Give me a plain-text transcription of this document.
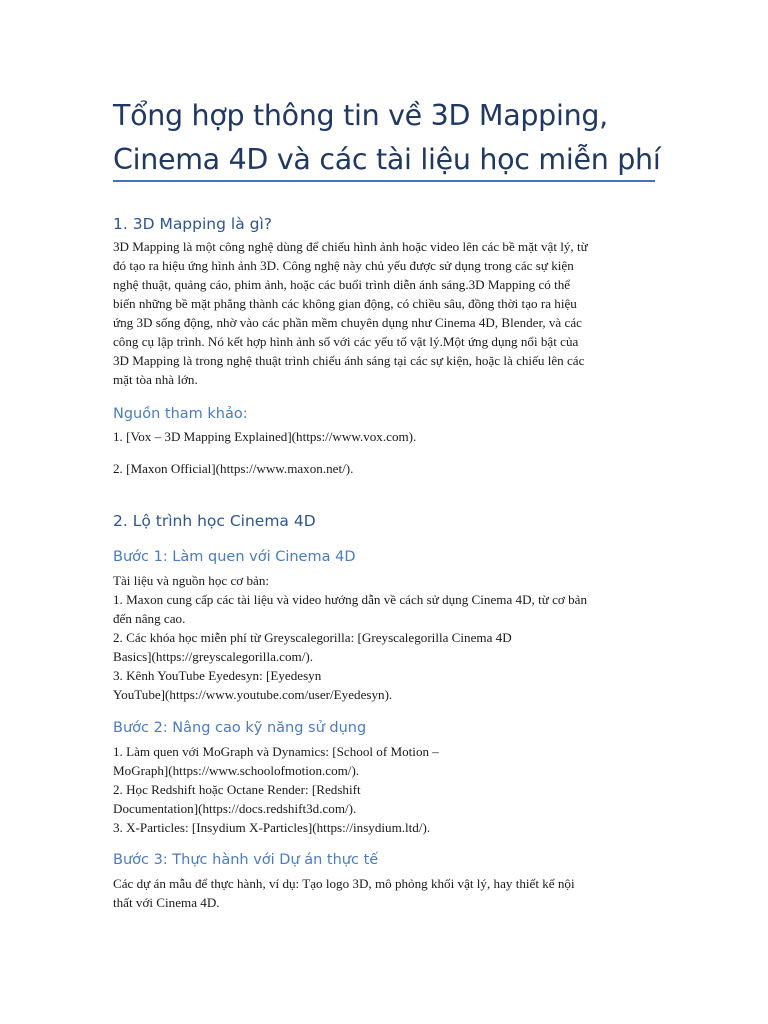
Tổng hợp thông tin về 3D Mapping,
Cinema 4D và các tài liệu học miễn phí
1. 3D Mapping là gì?

3D Mapping là một công nghệ dùng để chiếu hình ảnh hoặc video lên các bề mặt vật lý, từ
đó tạo ra hiệu ứng hình ảnh 3D. Công nghệ này chủ yếu được sử dụng trong các sự kiện
nghệ thuật, quảng cáo, phim ảnh, hoặc các buổi trình diễn ánh sáng.3D Mapping có thể
biến những bề mặt phẳng thành các không gian động, có chiều sâu, đồng thời tạo ra hiệu
ứng 3D sống động, nhờ vào các phần mềm chuyên dụng như Cinema 4D, Blender, và các
công cụ lập trình. Nó kết hợp hình ảnh số với các yếu tố vật lý.Một ứng dụng nổi bật của
3D Mapping là trong nghệ thuật trình chiếu ánh sáng tại các sự kiện, hoặc là chiếu lên các
mặt tòa nhà lớn.

Nguồn tham khảo:

1. [Vox – 3D Mapping Explained](https://www.vox.com).

2. [Maxon Official](https://www.maxon.net/).

2. Lộ trình học Cinema 4D
Bước 1: Làm quen với Cinema 4D

Tài liệu và nguồn học cơ bản:
1. Maxon cung cấp các tài liệu và video hướng dẫn về cách sử dụng Cinema 4D, từ cơ bản
đến nâng cao.
2. Các khóa học miễn phí từ Greyscalegorilla: [Greyscalegorilla Cinema 4D
Basics](https://greyscalegorilla.com/).
3. Kênh YouTube Eyedesyn: [Eyedesyn
YouTube](https://www.youtube.com/user/Eyedesyn).

Bước 2: Nâng cao kỹ năng sử dụng

1. Làm quen với MoGraph và Dynamics: [School of Motion –
MoGraph](https://www.schoolofmotion.com/).
2. Học Redshift hoặc Octane Render: [Redshift
Documentation](https://docs.redshift3d.com/).
3. X-Particles: [Insydium X-Particles](https://insydium.ltd/).

Bước 3: Thực hành với Dự án thực tế

Các dự án mẫu để thực hành, ví dụ: Tạo logo 3D, mô phỏng khối vật lý, hay thiết kế nội
thất với Cinema 4D.
